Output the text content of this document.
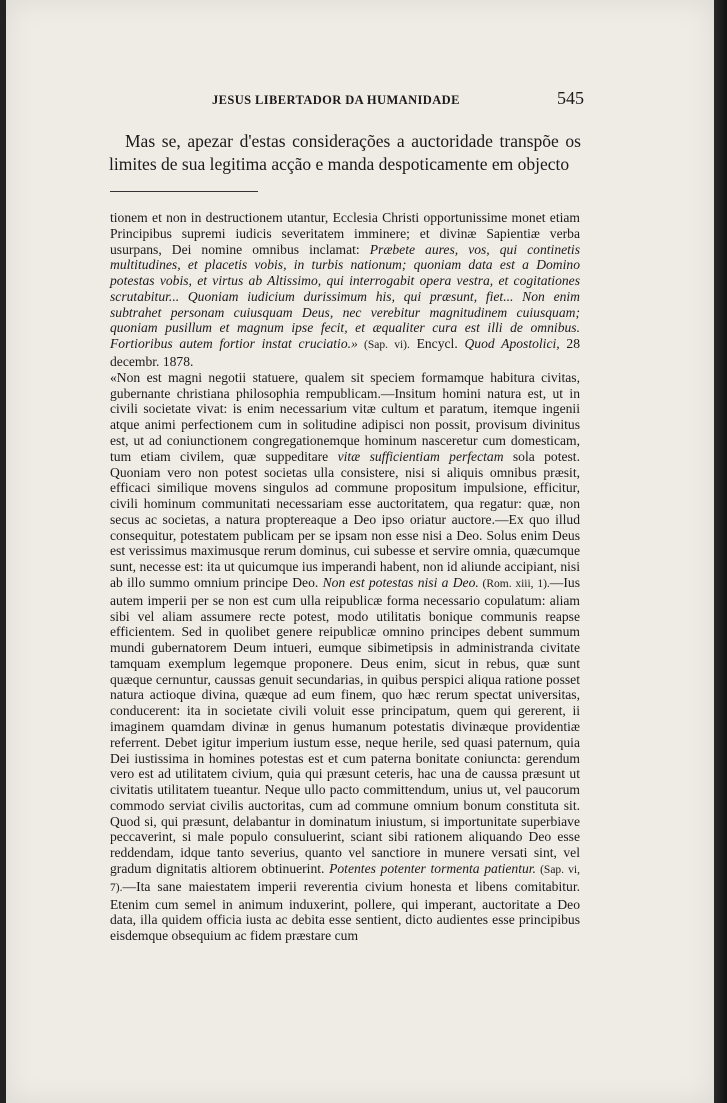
JESUS LIBERTADOR DA HUMANIDADE	545
Mas se, apezar d'estas considerações a auctoridade transpõe os limites de sua legitima acção e manda despoticamente em objecto

tionem et non in destructionem utantur, Ecclesia Christi opportunissime monet etiam Principibus supremi iudicis severitatem imminere; et divinæ Sapientiæ verba usurpans, Dei nomine omnibus inclamat: Præbete aures, vos, qui continetis multitudines, et placetis vobis, in turbis nationum; quoniam data est a Domino potestas vobis, et virtus ab Altissimo, qui interrogabit opera vestra, et cogitationes scrutabitur... Quoniam iudicium durissimum his, qui præsunt, fiet... Non enim subtrahet personam cuiusquam Deus, nec verebitur magnitudinem cuiusquam; quoniam pusillum et magnum ipse fecit, et æqualiter cura est illi de omnibus. Fortioribus autem fortior instat cruciatio.» (Sap. vi). Encycl. Quod Apostolici, 28 decembr. 1878.

«Non est magni negotii statuere, qualem sit speciem formamque habitura civitas, gubernante christiana philosophia rempublicam.—Insitum homini natura est, ut in civili societate vivat: is enim necessarium vitæ cultum et paratum, itemque ingenii atque animi perfectionem cum in solitudine adipisci non possit, provisum divinitus est, ut ad coniunctionem congregationemque hominum nasceretur cum domesticam, tum etiam civilem, quæ suppeditare vitæ sufficientiam perfectam sola potest. Quoniam vero non potest societas ulla consistere, nisi si aliquis omnibus præsit, efficaci similique movens singulos ad commune propositum impulsione, efficitur, civili hominum communitati necessariam esse auctoritatem, qua regatur: quæ, non secus ac societas, a natura proptereaque a Deo ipso oriatur auctore.—Ex quo illud consequitur, potestatem publicam per se ipsam non esse nisi a Deo. Solus enim Deus est verissimus maximusque rerum dominus, cui subesse et servire omnia, quæcumque sunt, necesse est: ita ut quicumque ius imperandi habent, non id aliunde accipiant, nisi ab illo summo omnium principe Deo. Non est potestas nisi a Deo. (Rom. xiii, 1).—Ius autem imperii per se non est cum ulla reipublicæ forma necessario copulatum: aliam sibi vel aliam assumere recte potest, modo utilitatis bonique communis reapse efficientem. Sed in quolibet genere reipublicæ omnino principes debent summum mundi gubernatorem Deum intueri, eumque sibimetipsis in administranda civitate tamquam exemplum legemque proponere. Deus enim, sicut in rebus, quæ sunt quæque cernuntur, caussas genuit secundarias, in quibus perspici aliqua ratione posset natura actioque divina, quæque ad eum finem, quo hæc rerum spectat universitas, conducerent: ita in societate civili voluit esse principatum, quem qui gererent, ii imaginem quamdam divinæ in genus humanum potestatis divinæque providentiæ referrent. Debet igitur imperium iustum esse, neque herile, sed quasi paternum, quia Dei iustissima in homines potestas est et cum paterna bonitate coniuncta: gerendum vero est ad utilitatem civium, quia qui præsunt ceteris, hac una de caussa præsunt ut civitatis utilitatem tueantur. Neque ullo pacto committendum, unius ut, vel paucorum commodo serviat civilis auctoritas, cum ad commune omnium bonum constituta sit. Quod si, qui præsunt, delabantur in dominatum iniustum, si importunitate superbiave peccaverint, si male populo consuluerint, sciant sibi rationem aliquando Deo esse reddendam, idque tanto severius, quanto vel sanctiore in munere versati sint, vel gradum dignitatis altiorem obtinuerint. Potentes potenter tormenta patientur. (Sap. vi, 7).—Ita sane maiestatem imperii reverentia civium honesta et libens comitabitur. Etenim cum semel in animum induxerint, pollere, qui imperant, auctoritate a Deo data, illa quidem officia iusta ac debita esse sentient, dicto audientes esse principibus eisdemque obsequium ac fidem præstare cum
